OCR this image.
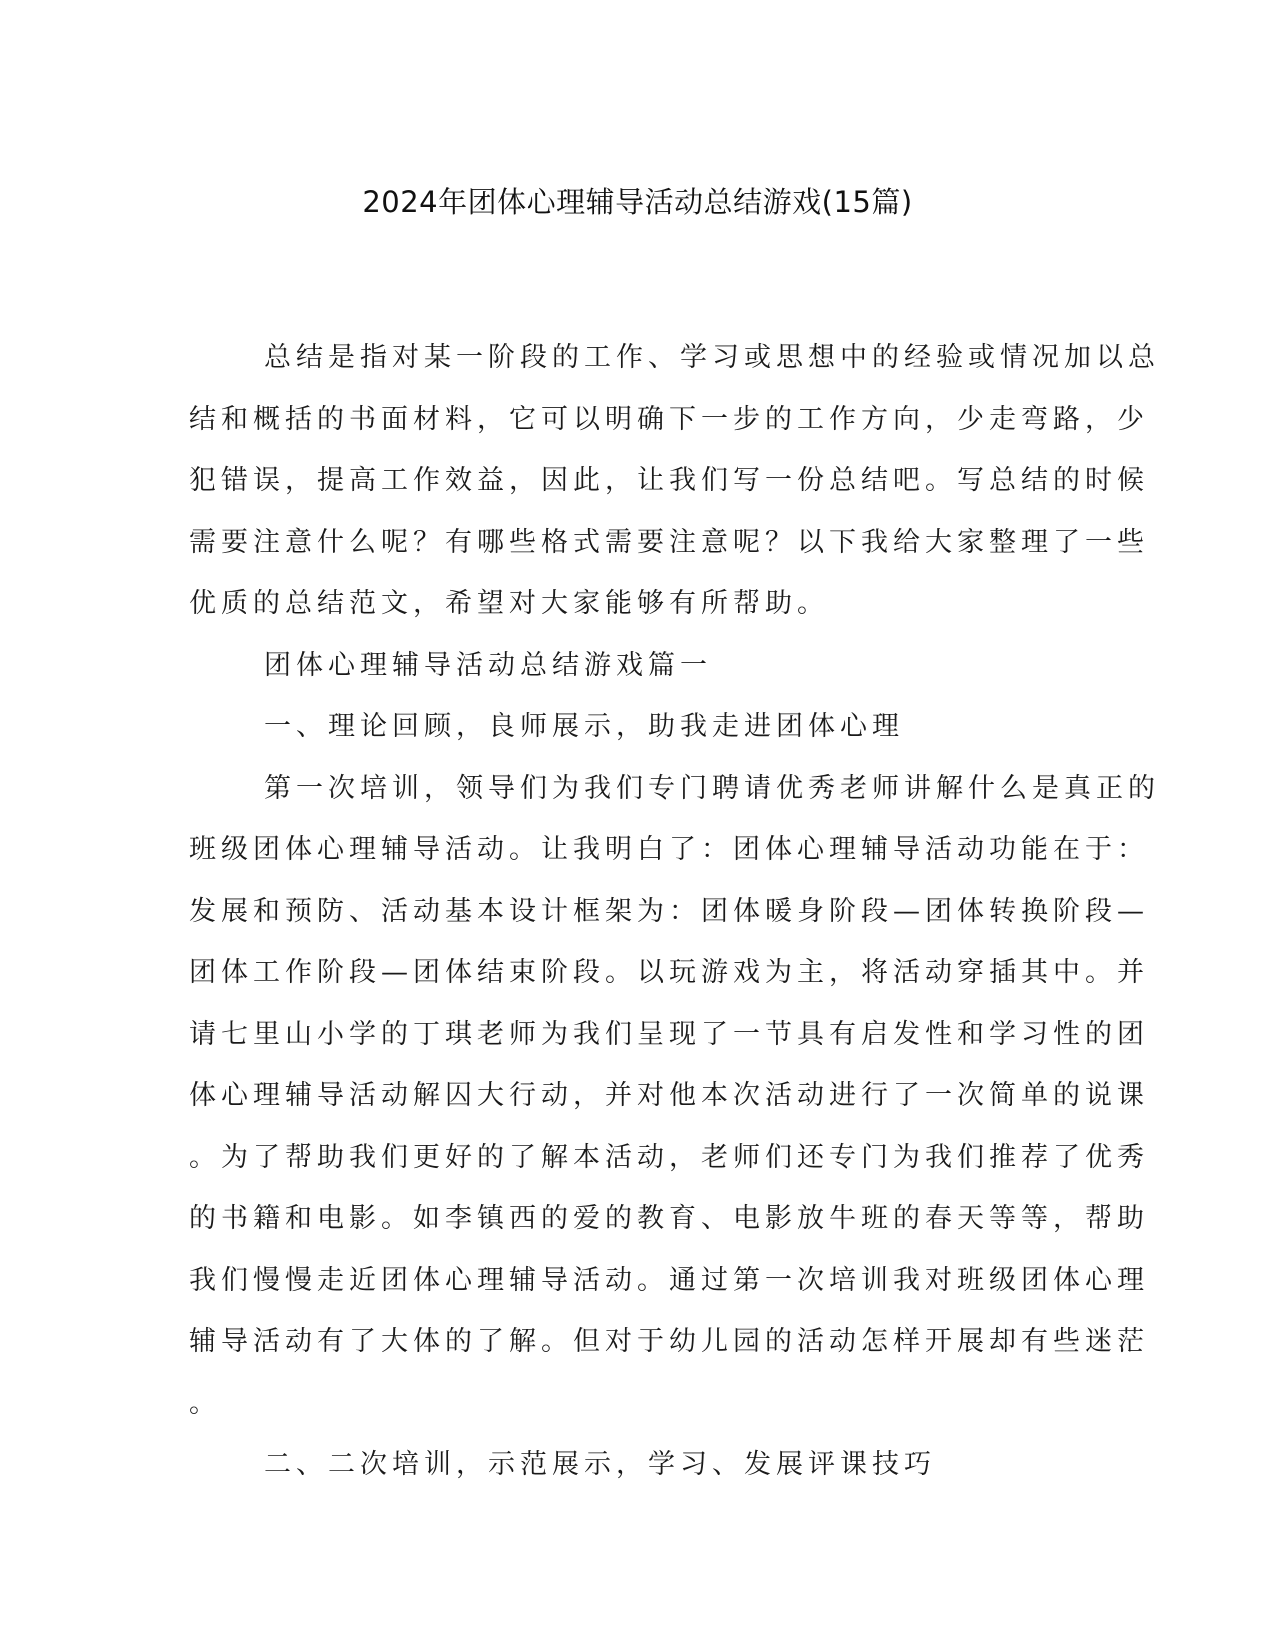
2024年团体心理辅导活动总结游戏(15篇)
总结是指对某一阶段的工作、学习或思想中的经验或情况加以总
结和概括的书面材料，它可以明确下一步的工作方向，少走弯路，少
犯错误，提高工作效益，因此，让我们写一份总结吧。写总结的时候
需要注意什么呢？有哪些格式需要注意呢？以下我给大家整理了一些
优质的总结范文，希望对大家能够有所帮助。
团体心理辅导活动总结游戏篇一
一、理论回顾，良师展示，助我走进团体心理
第一次培训，领导们为我们专门聘请优秀老师讲解什么是真正的
班级团体心理辅导活动。让我明白了：团体心理辅导活动功能在于：
发展和预防、活动基本设计框架为：团体暖身阶段—团体转换阶段—
团体工作阶段—团体结束阶段。以玩游戏为主，将活动穿插其中。并
请七里山小学的丁琪老师为我们呈现了一节具有启发性和学习性的团
体心理辅导活动解囚大行动，并对他本次活动进行了一次简单的说课
。为了帮助我们更好的了解本活动，老师们还专门为我们推荐了优秀
的书籍和电影。如李镇西的爱的教育、电影放牛班的春天等等，帮助
我们慢慢走近团体心理辅导活动。通过第一次培训我对班级团体心理
辅导活动有了大体的了解。但对于幼儿园的活动怎样开展却有些迷茫
。
二、二次培训，示范展示，学习、发展评课技巧
